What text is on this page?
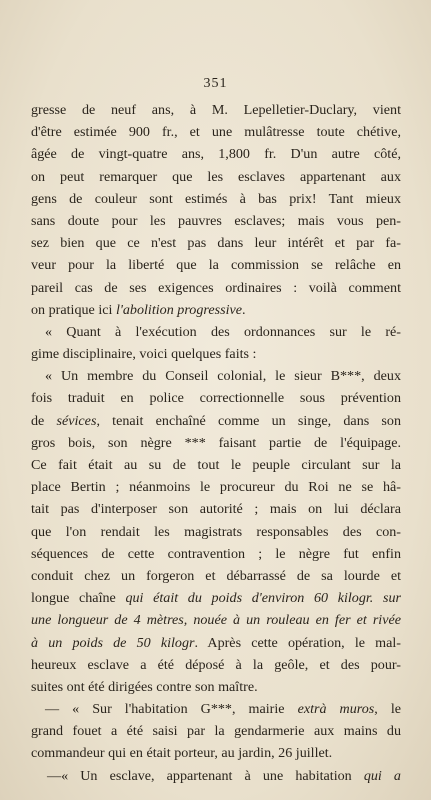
351
gresse de neuf ans, à M. Lepelletier-Duclary, vient
d'être estimée 900 fr., et une mulâtresse toute chétive,
âgée de vingt-quatre ans, 1,800 fr. D'un autre côté,
on peut remarquer que les esclaves appartenant aux
gens de couleur sont estimés à bas prix! Tant mieux
sans doute pour les pauvres esclaves; mais vous pen-
sez bien que ce n'est pas dans leur intérêt et par fa-
veur pour la liberté que la commission se relâche en
pareil cas de ses exigences ordinaires : voilà comment
on pratique ici l'abolition progressive.
« Quant à l'exécution des ordonnances sur le ré-
gime disciplinaire, voici quelques faits :
« Un membre du Conseil colonial, le sieur B***, deux
fois traduit en police correctionnelle sous prévention
de sévices, tenait enchaîné comme un singe, dans son
gros bois, son nègre *** faisant partie de l'équipage.
Ce fait était au su de tout le peuple circulant sur la
place Bertin ; néanmoins le procureur du Roi ne se hâ-
tait pas d'interposer son autorité ; mais on lui déclara
que l'on rendait les magistrats responsables des con-
séquences de cette contravention ; le nègre fut enfin
conduit chez un forgeron et débarrassé de sa lourde et
longue chaîne qui était du poids d'environ 60 kilogr. sur
une longueur de 4 mètres, nouée à un rouleau en fer et rivée
à un poids de 50 kilogr. Après cette opération, le mal-
heureux esclave a été déposé à la geôle, et des pour-
suites ont été dirigées contre son maître.
— « Sur l'habitation G***, mairie extrà muros, le
grand fouet a été saisi par la gendarmerie aux mains du
commandeur qui en était porteur, au jardin, 26 juillet.
—« Un esclave, appartenant à une habitation qui a
